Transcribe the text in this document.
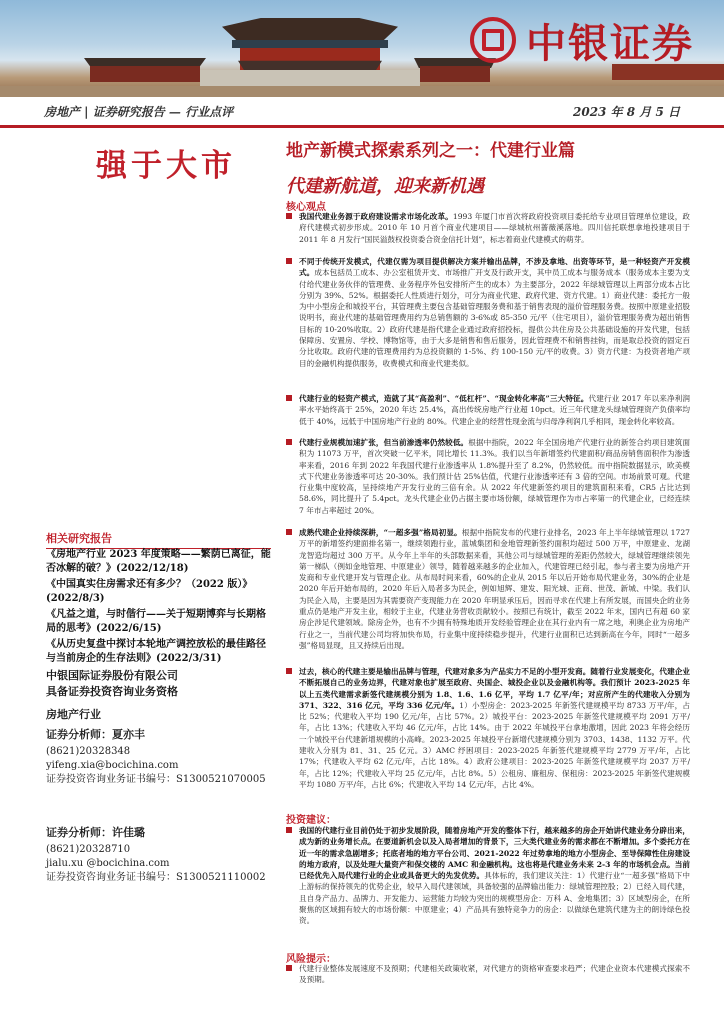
中银证券
房地产 | 证券研究报告 — 行业点评	2023 年 8 月 5 日
强于大市
相关研究报告
《房地产行业 2023 年度策略——繁荫已离征，能否冰解的破？》(2022/12/18)
《中国真实住房需求还有多少？（2022 版）》(2022/8/3)
《凡益之道，与时偕行——关于短期博弈与长期格局的思考》(2022/6/15)
《从历史复盘中探讨本轮地产调控放松的最佳路径与当前房企的生存法则》(2022/3/31)
中银国际证券股份有限公司
具备证券投资咨询业务资格
房地产行业
证券分析师：夏亦丰
(8621)20328348
yifeng.xia@bocichina.com
证券投资咨询业务证书编号：S1300521070005
证券分析师：许佳璐
(8621)20328710
jialu.xu @bocichina.com
证券投资咨询业务证书编号：S1300521110002
地产新模式探索系列之一：代建行业篇
代建新航道，迎来新机遇
核心观点
我国代建业务源于政府建设需求市场化改革。1993 年厦门市首次将政府投资项目委托给专业项目管理单位建设，政府代建模式初步形成。2010 年 10 月首个商业代建项目——绿城杭州蔷薇溪落地。四川信托联想拿地投建项目于 2011 年 8 月发行“国民溢鼓权投资委合资金信托计划”，标志着商业代建模式的萌芽。
不同于传统开发模式，代建仅需为项目提供解决方案并输出品牌，不涉及拿地、出资等环节，是一种轻资产开发模式。成本包括员工成本、办公室租赁开支、市场推广开支及行政开支，其中员工成本与服务成本（服务成本主要为支付给代建业务伙伴的管理费、业务程序外包安排所产生的成本）为主要部分，2022 年绿城管理以上两部分成本占比分别为 39%、52%。根据委托人性质进行划分，可分为商业代建、政府代建、资方代建。1）商业代建：委托方一般为中小型房企和城投平台，其管理费主要包含基础管理服务费和基于销售表现的溢价管理服务费。按照中原建业招股说明书，商业代建的基础管理费用约为总销售额的 3-6%或 85-350 元/平（住宅项目），溢价管理服务费为超出销售目标的 10-20%收取。2）政府代建是指代建企业通过政府招投标，提供公共住房及公共基础设施的开发代建，包括保障房、安置房、学校、博物馆等，由于大多是销售和售后服务，因此管理费不和销售挂钩，而是取总投资的固定百分比收取。政府代建的管理费用约为总投资额的 1-5%、约 100-150 元/平的收费。3）资方代建：为投资者地产项目的金融机构提供服务，收费模式和商业代建类似。
代建行业的轻资产模式，造就了其“高盈利”、“低杠杆”、“现金转化率高”三大特征。代建行业 2017 年以来净利润率水平始终高于 25%，2020 年达 25.4%，高出传统房地产行业超 10pct。近三年代建龙头绿城管理资产负债率均低于 40%，远低于中国房地产行业的 80%。代建企业的经营性现金流与归母净利润几乎相同，现金转化率较高。
代建行业规模加速扩张，但当前渗透率仍然较低。根据中指院，2022 年全国房地产代建行业的新签合约项目建筑面积为 11073 万平，首次突破一亿平米，同比增长 11.3%。我们以当年新增签约代建面积/商品房销售面积作为渗透率来看，2016 年到 2022 年我国代建行业渗透率从 1.8%提升至了 8.2%，仍然较低。而中指院数据显示，欧美模式下代建业务渗透率可达 20-30%。我们预计估 25%估值，代建行业渗透率还有 3 倍的空间。市场前景可观。代建行业集中度较高，呈持续地产开发行业的三倍有余。从 2022 年代建新签约项目的建筑面积来看，CR5 占比达到 58.6%，同比提升了 5.4pct。龙头代建企业仍占据主要市场份额，绿城管理作为市占率第一的代建企业，已经连续 7 年市占率超过 20%。
成熟代建企业持续深耕，“一超多强”格局初显。根据中指院发布的代建行业排名，2023 年上半年绿城管理以 1727 万平的新增签约建面排名第一，继续领跑行业，蓝城集团和金地管理新签约面积均超过 500 万平，中原建业、龙湖龙智造均超过 300 万平。从今年上半年的头部数据来看，其他公司与绿城管理的差距仍然较大，绿城管理继续领先第一梯队（例如金地管理、中原建业）领导，随着越来越多的企业加入，代建管理已经引起，参与者主要为房地产开发商和专业代建开发与管理企业。从布局时间来看，60%的企业从 2015 年以后开始布局代建业务，30%的企业是 2020 年后开始布局的，2020 年后入局者多为民企，例如旭辉、建发、阳光城、正商、世茂、新城、中梁。我们认为民企入局，主要是因为其需要资产变现能力在 2020 年明显承压后，因而寻求在代建上有所发展，而国央企的业务重点仍是地产开发主业，相较于主业，代建业务营收贡献较小。按照已有统计，截至 2022 年末，国内已有超 60 家房企涉足代建领域。除房企外，也有不少拥有特殊地质开发经验管理企业在其行业内有一席之地，利奥企业为房地产行业之一，当前代建公司均将加快布局，行业集中度持续稳步提升，代建行业面积已达到新高在今年，同时“一超多强”格局显现，且又持续后出现。
过去，核心的代建主要是输出品牌与管理，代建对象多为产品实力不足的小型开发商。随着行业发展变化，代建企业不断拓展自己的业务边界，代建对象也扩展至政府、央国企、城投企业以及金融机构等。我们预计 2023-2025 年以上五类代建需求新签代建规模分别为 1.8、1.6、1.6 亿平，平均 1.7 亿平/年；对应所产生的代建收入分别为 371、322、316 亿元，平均 336 亿元/年。1）小型房企：2023-2025 年新签代建规模平均 8733 万平/年，占比 52%；代建收入平均 190 亿元/年，占比 57%。2）城投平台：2023-2025 年新签代建规模平均 2091 万平/年，占比 13%；代建收入平均 46 亿元/年，占比 14%。由于 2022 年城投平台拿地激增，因此 2023 年将会经历一个城投平台代建新增规模的小高峰。2023-2025 年城投平台新增代建规模分别为 3703、1438、1132 万平。代建收入分别为 81、31、25 亿元。3）AMC 纾困项目：2023-2025 年新签代建规模平均 2779 万平/年，占比 17%；代建收入平均 62 亿元/年，占比 18%。4）政府公建项目：2023-2025 年新签代建规模平均 2037 万平/年，占比 12%；代建收入平均 25 亿元/年，占比 8%。5）公租房、廉租房、保租房：2023-2025 年新签代建规模平均 1080 万平/年，占比 6%；代建收入平均 14 亿元/年，占比 4%。
投资建议：
我国的代建行业目前仍处于初步发展阶段，随着房地产开发的整体下行，越来越多的房企开始讲代建业务分辟出来，成为新的业务增长点。在要道新机会以及入局者增加的背景下，三大类代建业务的需求都在不断增加。多个委托方在近一年的需求急剧增多；托底者地的地方平台公司、2021-2022 年过势拿地的地方小型房企、至导保障性住房建设的地方政府，以及处理大量资产和保交楼的 AMC 和金融机构。这也将是代建业务未来 2-3 年的市场机会点。当前已经优先入局代建行业的企业或具备更大的先发优势。具体标的，我们建议关注：1）代建行业“一超多强”格局下中上游标的保持领先的优势企业，较早入局代建领域，具备较强的品牌输出能力：绿城管理控股；2）已经入局代建，且自身产品力、品牌力、开发能力、运营能力均较为突出的规模型房企：万科 A、金地集团；3）区域型房企，在所聚焦的区域拥有较大的市场份额：中原建业；4）产品具有独特竞争力的房企：以做绿色建筑代建为主的朗诗绿色投资。
风险提示：
代建行业整体发展速度不及预期；代建相关政策收紧，对代建方的资格审查要求趋严；代建企业资本代建模式探索不及预期。
